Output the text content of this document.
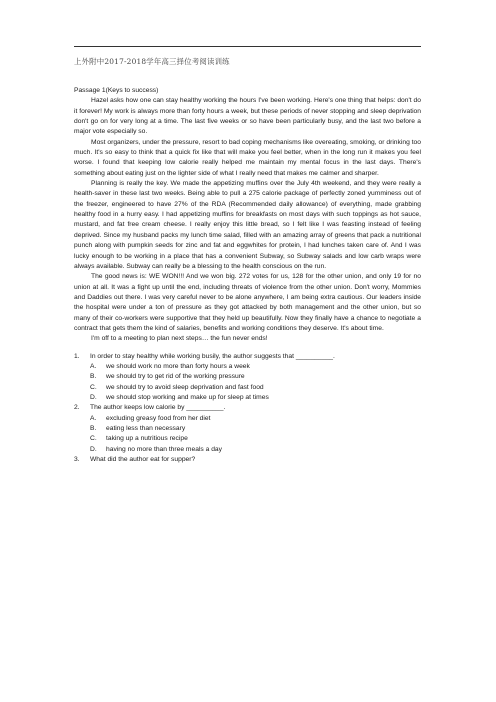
上外附中2017-2018学年高三择位考阅读训练

Passage 1(Keys to success)

Hazel asks how one can stay healthy working the hours I've been working. Here's one thing that helps: don't do it forever! My work is always more than forty hours a week, but these periods of never stopping and sleep deprivation don't go on for very long at a time. The last five weeks or so have been particularly busy, and the last two before a major vote especially so.

Most organizers, under the pressure, resort to bad coping mechanisms like overeating, smoking, or drinking too much. It's so easy to think that a quick fix like that will make you feel better, when in the long run it makes you feel worse. I found that keeping low calorie really helped me maintain my mental focus in the last days. There's something about eating just on the lighter side of what I really need that makes me calmer and sharper.

Planning is really the key. We made the appetizing muffins over the July 4th weekend, and they were really a health-saver in these last two weeks. Being able to pull a 275 calorie package of perfectly zoned yumminess out of the freezer, engineered to have 27% of the RDA (Recommended daily allowance) of everything, made grabbing healthy food in a hurry easy. I had appetizing muffins for breakfasts on most days with such toppings as hot sauce, mustard, and fat free cream cheese. I really enjoy this little bread, so I felt like I was feasting instead of feeling deprived. Since my husband packs my lunch time salad, filled with an amazing array of greens that pack a nutritional punch along with pumpkin seeds for zinc and fat and eggwhites for protein, I had lunches taken care of. And I was lucky enough to be working in a place that has a convenient Subway, so Subway salads and low carb wraps were always available. Subway can really be a blessing to the health conscious on the run.

The good news is: WE WON!!! And we won big. 272 votes for us, 128 for the other union, and only 19 for no union at all. It was a fight up until the end, including threats of violence from the other union. Don't worry, Mommies and Daddies out there. I was very careful never to be alone anywhere, I am being extra cautious. Our leaders inside the hospital were under a ton of pressure as they got attacked by both management and the other union, but so many of their co-workers were supportive that they held up beautifully. Now they finally have a chance to negotiate a contract that gets them the kind of salaries, benefits and working conditions they deserve. It's about time.

I'm off to a meeting to plan next steps… the fun never ends!

1. In order to stay healthy while working busily, the author suggests that __________.

A. we should work no more than forty hours a week

B. we should try to get rid of the working pressure

C. we should try to avoid sleep deprivation and fast food

D. we should stop working and make up for sleep at times

2. The author keeps low calorie by __________.

A. excluding greasy food from her diet

B. eating less than necessary

C. taking up a nutritious recipe

D. having no more than three meals a day

3. What did the author eat for supper?
